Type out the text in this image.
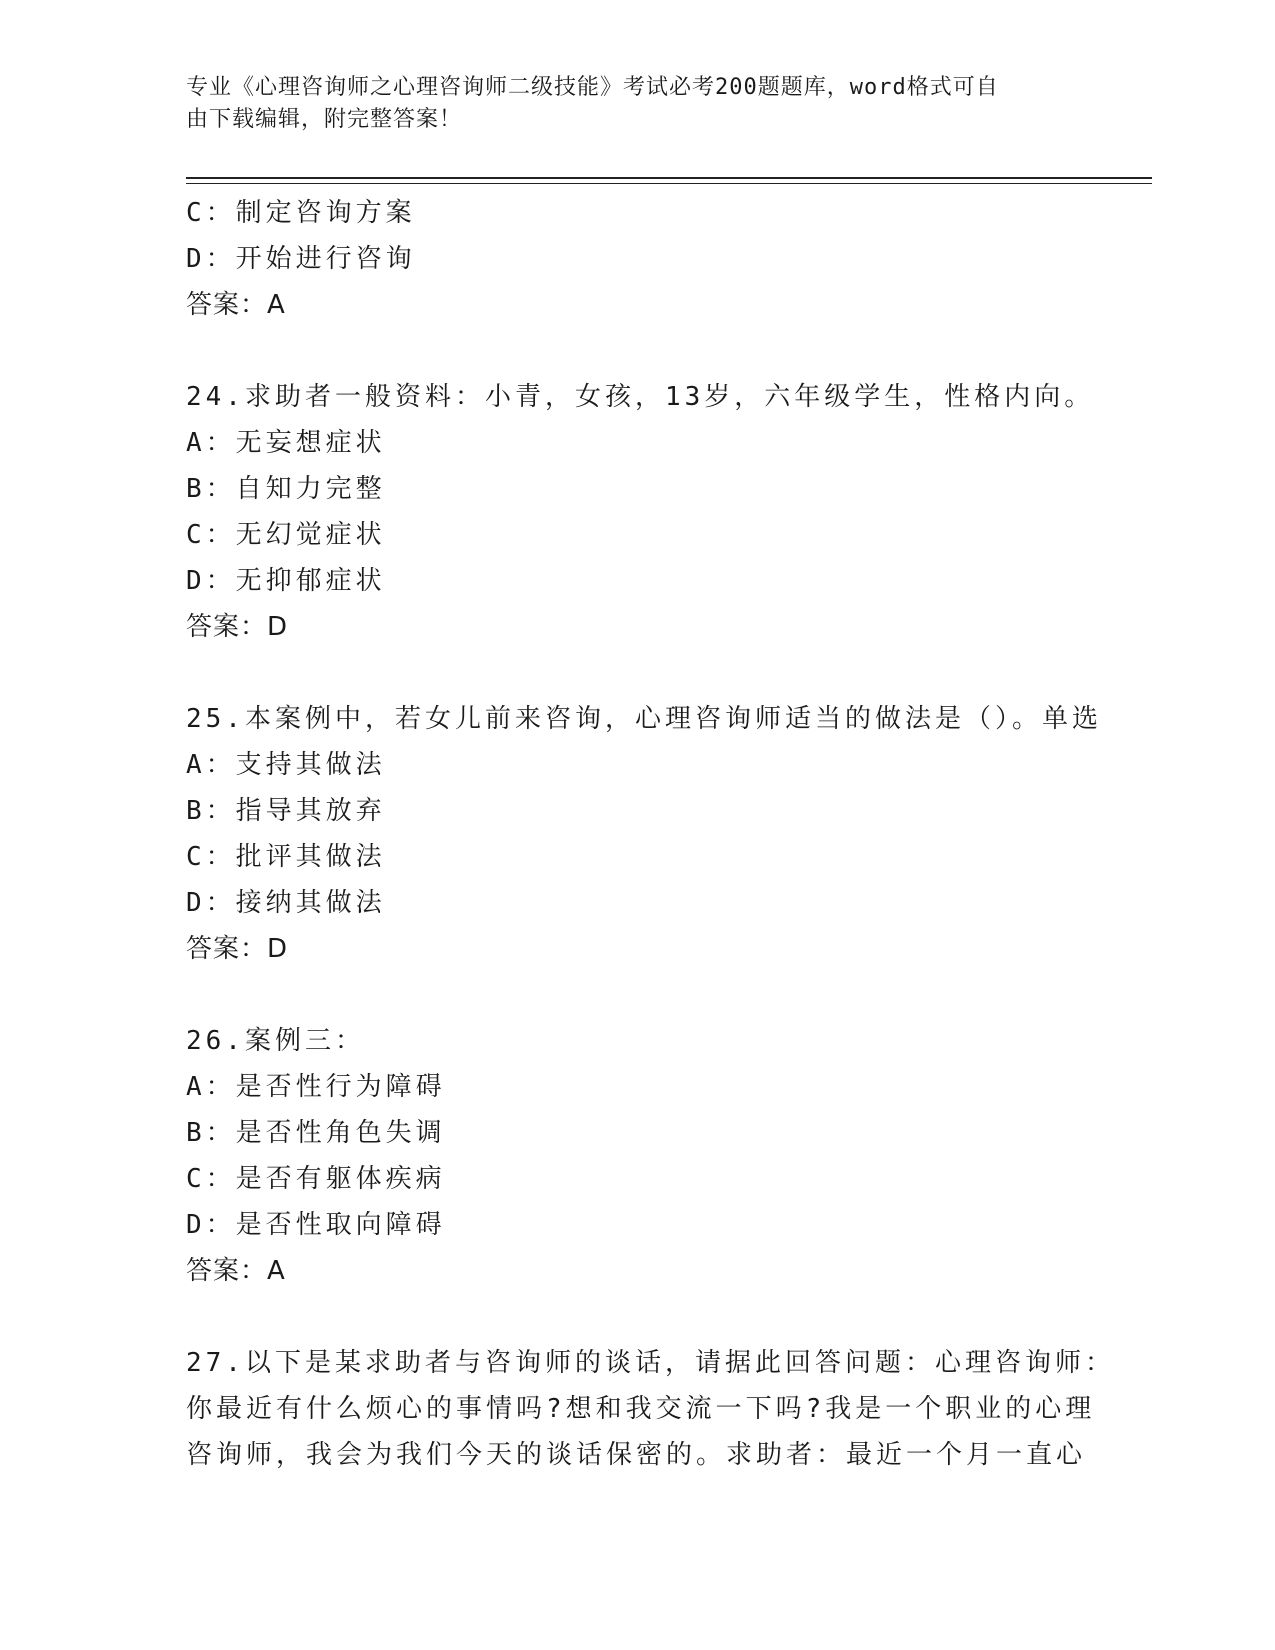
专业《心理咨询师之心理咨询师二级技能》考试必考200题题库，word格式可自
由下载编辑，附完整答案！
C：制定咨询方案
D：开始进行咨询
答案：A
24.求助者一般资料：小青，女孩，13岁，六年级学生，性格内向。
A：无妄想症状
B：自知力完整
C：无幻觉症状
D：无抑郁症状
答案：D
25.本案例中，若女儿前来咨询，心理咨询师适当的做法是（）。单选
A：支持其做法
B：指导其放弃
C：批评其做法
D：接纳其做法
答案：D
26.案例三：
A：是否性行为障碍
B：是否性角色失调
C：是否有躯体疾病
D：是否性取向障碍
答案：A
27.以下是某求助者与咨询师的谈话，请据此回答问题：心理咨询师：
你最近有什么烦心的事情吗?想和我交流一下吗?我是一个职业的心理
咨询师，我会为我们今天的谈话保密的。求助者：最近一个月一直心
